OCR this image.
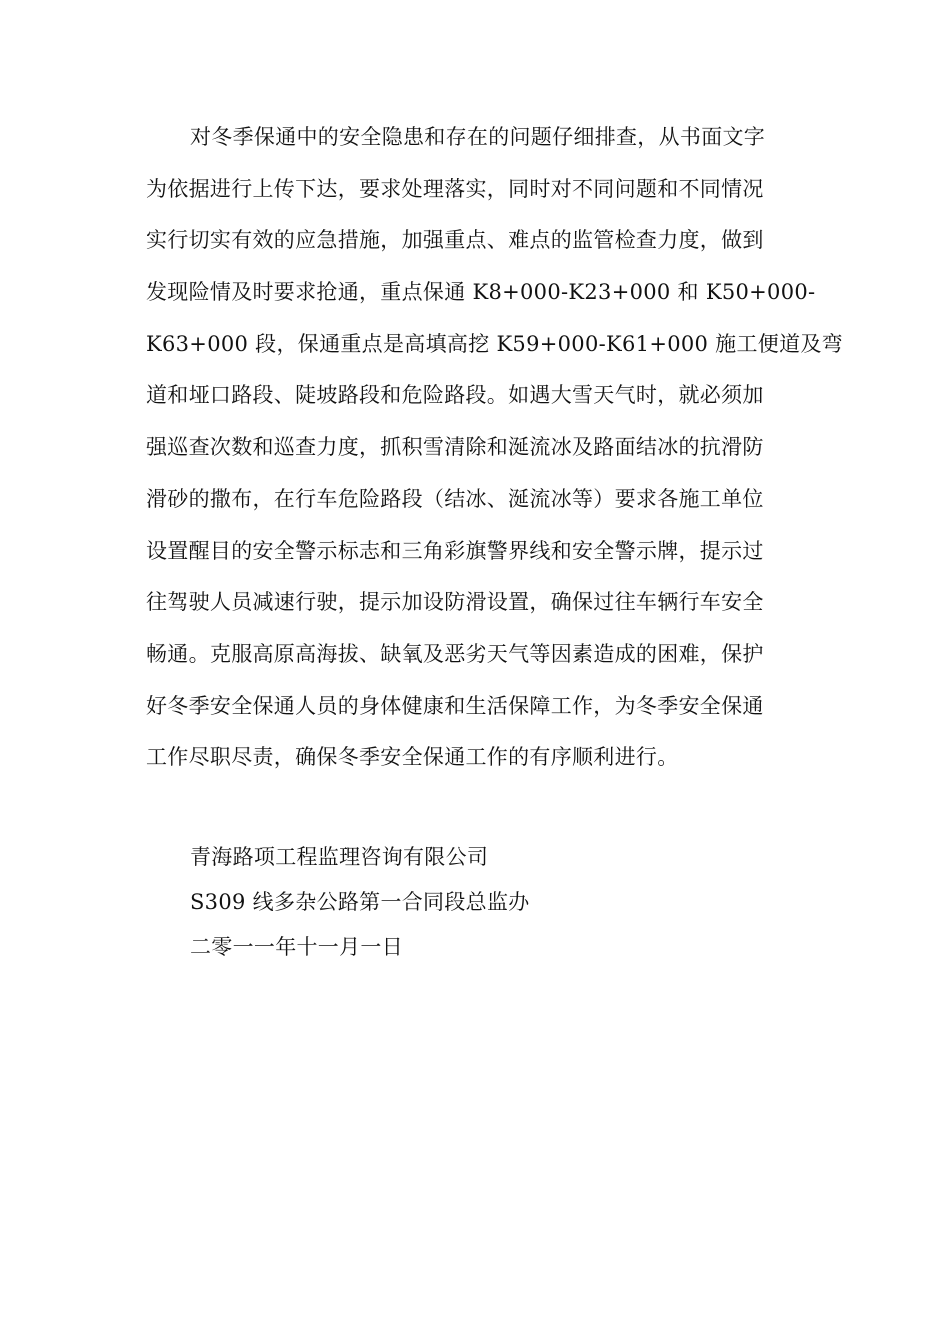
对冬季保通中的安全隐患和存在的问题仔细排查，从书面文字
为依据进行上传下达，要求处理落实，同时对不同问题和不同情况
实行切实有效的应急措施，加强重点、难点的监管检查力度，做到
发现险情及时要求抢通，重点保通 K8+000-K23+000 和 K50+000-
K63+000 段，保通重点是高填高挖 K59+000-K61+000 施工便道及弯
道和垭口路段、陡坡路段和危险路段。如遇大雪天气时，就必须加
强巡查次数和巡查力度，抓积雪清除和涎流冰及路面结冰的抗滑防
滑砂的撒布，在行车危险路段（结冰、涎流冰等）要求各施工单位
设置醒目的安全警示标志和三角彩旗警界线和安全警示牌，提示过
往驾驶人员减速行驶，提示加设防滑设置，确保过往车辆行车安全
畅通。克服高原高海拔、缺氧及恶劣天气等因素造成的困难，保护
好冬季安全保通人员的身体健康和生活保障工作，为冬季安全保通
工作尽职尽责，确保冬季安全保通工作的有序顺利进行。
青海路项工程监理咨询有限公司
S309 线多杂公路第一合同段总监办
二零一一年十一月一日
